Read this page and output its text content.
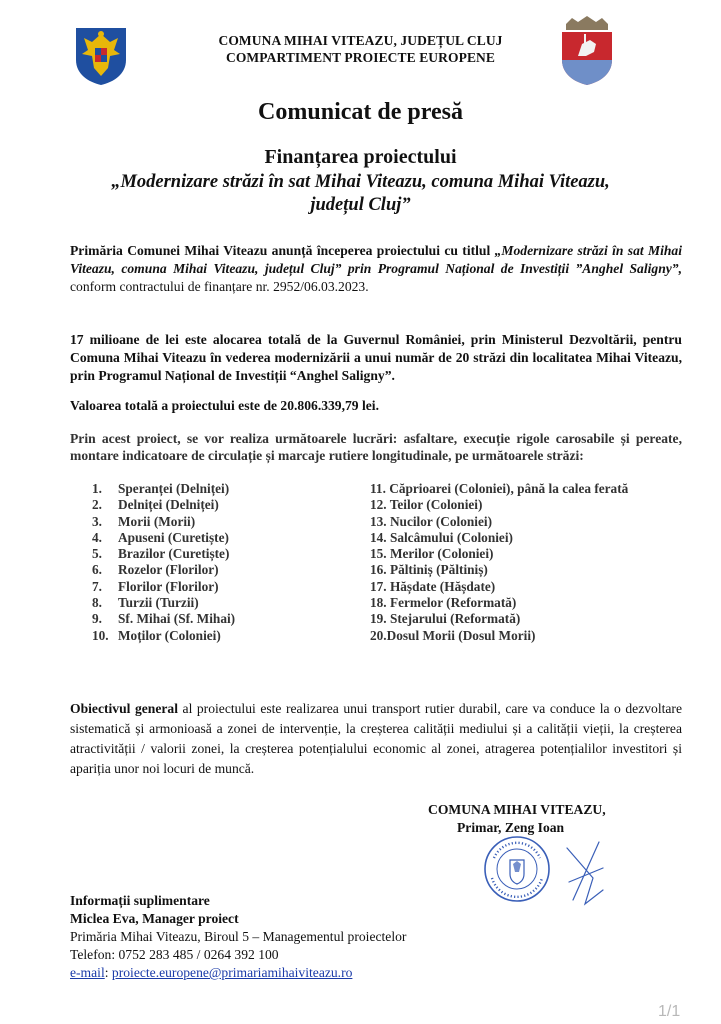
COMUNA MIHAI VITEAZU, JUDEȚUL CLUJ
COMPARTIMENT PROIECTE EUROPENE
Comunicat de presă
Finanțarea proiectului
„Modernizare străzi în sat Mihai Viteazu, comuna Mihai Viteazu,
județul Cluj”
Primăria Comunei Mihai Viteazu anunță începerea proiectului cu titlul „Modernizare străzi în sat Mihai Viteazu, comuna Mihai Viteazu, județul Cluj” prin Programul Național de Investiții ”Anghel Saligny”, conform contractului de finanțare nr. 2952/06.03.2023.
17 milioane de lei este alocarea totală de la Guvernul României, prin Ministerul Dezvoltării, pentru Comuna Mihai Viteazu în vederea modernizării a unui număr de 20 străzi din localitatea Mihai Viteazu, prin Programul Național de Investiții “Anghel Saligny”.
Valoarea totală a proiectului este de 20.806.339,79 lei.
Prin acest proiect, se vor realiza următoarele lucrări: asfaltare, execuție rigole carosabile și pereate, montare indicatoare de circulație și marcaje rutiere longitudinale, pe următoarele străzi:
1. Speranței (Delniței)
2. Delniței (Delniței)
3. Morii (Morii)
4. Apuseni (Curetiște)
5. Brazilor (Curetiște)
6. Rozelor (Florilor)
7. Florilor (Florilor)
8. Turzii (Turzii)
9. Sf. Mihai (Sf. Mihai)
10. Moților (Coloniei)
11. Căprioarei (Coloniei), până la calea ferată
12. Teilor (Coloniei)
13. Nucilor (Coloniei)
14. Salcâmului (Coloniei)
15. Merilor (Coloniei)
16. Păltiniș (Păltiniș)
17. Hășdate (Hășdate)
18. Fermelor (Reformată)
19. Stejarului (Reformată)
20.Dosul Morii (Dosul Morii)
Obiectivul general al proiectului este realizarea unui transport rutier durabil, care va conduce la o dezvoltare sistematică și armonioasă a zonei de intervenție, la creșterea calității mediului și a calității vieții, la creșterea atractivității / valorii zonei, la creșterea potențialului economic al zonei, atragerea potențialilor investitori și apariția unor noi locuri de muncă.
COMUNA MIHAI VITEAZU,
Primar, Zeng Ioan
Informații suplimentare
Miclea Eva, Manager proiect
Primăria Mihai Viteazu, Biroul 5 – Managementul proiectelor
Telefon: 0752 283 485 / 0264 392 100
e-mail: proiecte.europene@primariamihaiviteazu.ro
1/1
